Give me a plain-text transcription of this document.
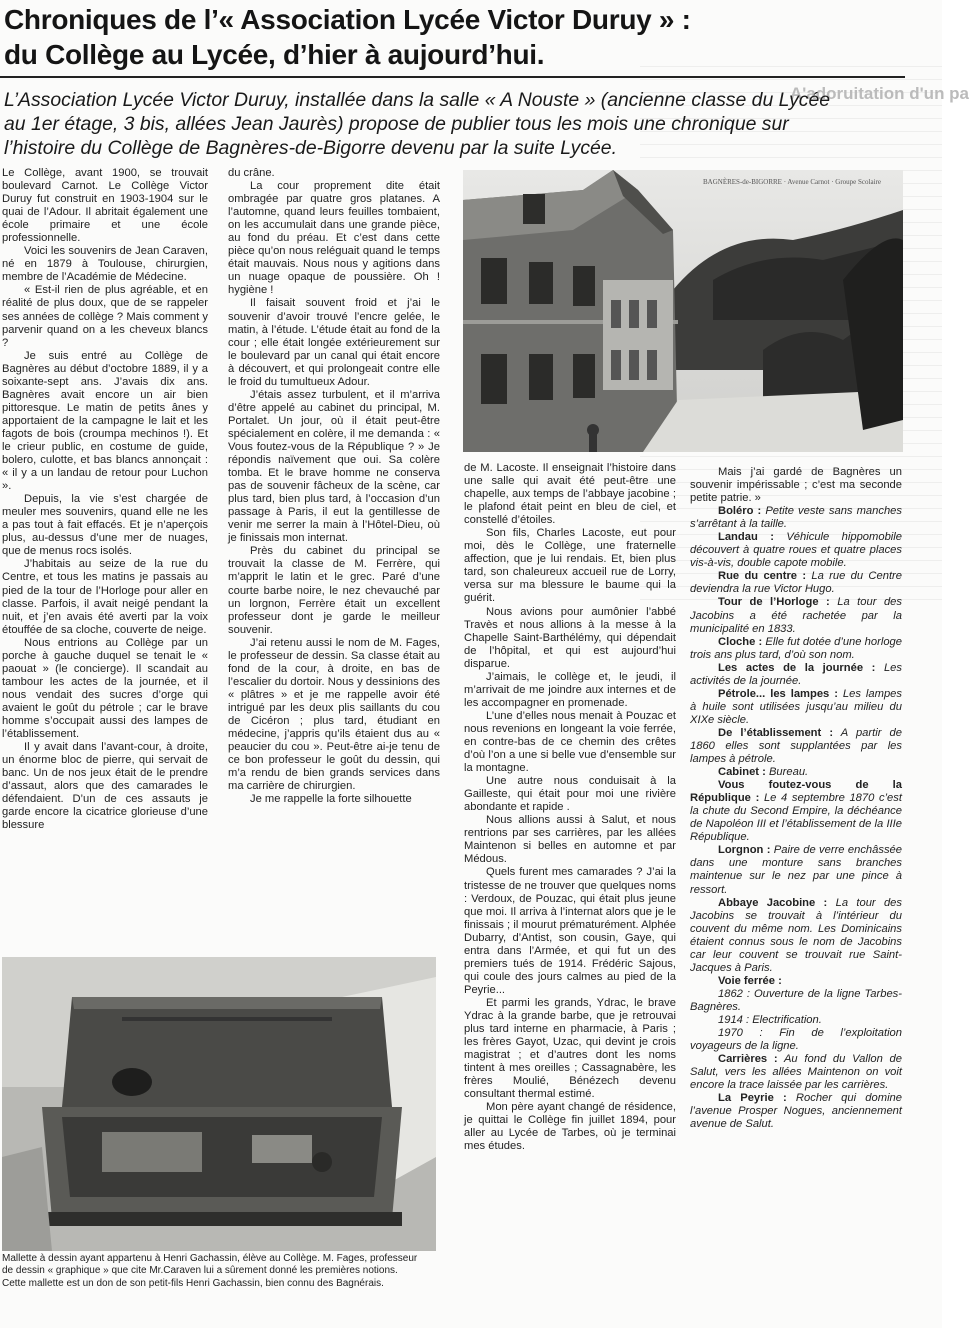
A'adoruitation d'un pa
Chroniques de l’« Association Lycée Victor Duruy » :
du Collège au Lycée, d’hier à aujourd’hui.

L’Association Lycée Victor Duruy, installée dans la salle « A Nouste » (ancienne classe du Lycée
au 1er étage, 3 bis, allées Jean Jaurès) propose de publier tous les mois une chronique sur
l’histoire du Collège de Bagnères-de-Bigorre devenu par la suite Lycée.

Le Collège, avant 1900, se trouvait boulevard Carnot. Le Collège Victor Duruy fut construit en 1903-1904 sur le quai de l’Adour. Il abritait également une école primaire et une école professionnelle.

Voici les souvenirs de Jean Caraven, né en 1879 à Toulouse, chirurgien, membre de l’Académie de Médecine.

« Est-il rien de plus agréable, et en réalité de plus doux, que de se rappeler ses années de collège ? Mais comment y parvenir quand on a les cheveux blancs ?

Je suis entré au Collège de Bagnères au début d’octobre 1889, il y a soixante-sept ans. J’avais dix ans. Bagnères avait encore un air bien pittoresque. Le matin de petits ânes y apportaient de la campagne le lait et les fagots de bois (croumpa mechinos !). Et le crieur public, en costume de guide, bolero, culotte, et bas blancs annonçait : « il y a un landau de retour pour Luchon ».

Depuis, la vie s’est chargée de meuler mes souvenirs, quand elle ne les a pas tout à fait effacés. Et je n’aperçois plus, au-dessus d’une mer de nuages, que de menus rocs isolés.

J’habitais au seize de la rue du Centre, et tous les matins je passais au pied de la tour de l’Horloge pour aller en classe. Parfois, il avait neigé pendant la nuit, et j’en avais été averti par la voix étouffée de sa cloche, couverte de neige.

Nous entrions au Collège par un porche à gauche duquel se tenait le « paouat » (le concierge). Il scandait au tambour les actes de la journée, et il nous vendait des sucres d’orge qui avaient le goût du pétrole ; car le brave homme s’occupait aussi des lampes de l’établissement.

Il y avait dans l’avant-cour, à droite, un énorme bloc de pierre, qui servait de banc. Un de nos jeux était de le prendre d’assaut, alors que des camarades le défendaient. D’un de ces assauts je garde encore la cicatrice glorieuse d’une blessure

du crâne.

La cour proprement dite était ombragée par quatre gros platanes. A l’automne, quand leurs feuilles tombaient, on les accumulait dans une grande pièce, au fond du préau. Et c’est dans cette pièce qu’on nous reléguait quand le temps était mauvais. Nous nous y agitions dans un nuage opaque de poussière. Oh ! hygiène !

Il faisait souvent froid et j’ai le souvenir d’avoir trouvé l’encre gelée, le matin, à l’étude. L’étude était au fond de la cour ; elle était longée extérieurement sur le boulevard par un canal qui était encore à découvert, et qui prolongeait contre elle le froid du tumultueux Adour.

J’étais assez turbulent, et il m’arriva d’être appelé au cabinet du principal, M. Portalet. Un jour, où il était peut-être spécialement en colère, il me demanda : « Vous foutez-vous de la République ? » Je répondis naïvement que oui. Sa colère tomba. Et le brave homme ne conserva pas de souvenir fâcheux de la scène, car plus tard, bien plus tard, à l’occasion d’un passage à Paris, il eut la gentillesse de venir me serrer la main à l’Hôtel-Dieu, où je finissais mon internat.

Près du cabinet du principal se trouvait la classe de M. Ferrère, qui m’apprit le latin et le grec. Paré d’une courte barbe noire, le nez chevauché par un lorgnon, Ferrère était un excellent professeur dont je garde le meilleur souvenir.

J’ai retenu aussi le nom de M. Fages, le professeur de dessin. Sa classe était au fond de la cour, à droite, en bas de l’escalier du dortoir. Nous y dessinions des « plâtres » et je me rappelle avoir été intrigué par les deux plis saillants du cou de Cicéron ; plus tard, étudiant en médecine, j’appris qu’ils étaient dus au « peaucier du cou ». Peut-être ai-je tenu de ce bon professeur le goût du dessin, qui m’a rendu de bien grands services dans ma carrière de chirurgien.

Je me rappelle la forte silhouette

BAGNÈRES-de-BIGORRE · Avenue Carnot · Groupe Scolaire

de M. Lacoste. Il enseignait l’histoire dans une salle qui avait été peut-être une chapelle, aux temps de l’abbaye jacobine ; le plafond était peint en bleu de ciel, et constellé d’étoiles.

Son fils, Charles Lacoste, eut pour moi, dès le Collège, une fraternelle affection, que je lui rendais. Et, bien plus tard, son chaleureux accueil rue de Lorry, versa sur ma blessure le baume qui la guérit.

Nous avions pour aumônier l’abbé Travès et nous allions à la messe à la Chapelle Saint-Barthélémy, qui dépendait de l’hôpital, et qui est aujourd’hui disparue.

J’aimais, le collège et, le jeudi, il m’arrivait de me joindre aux internes et de les accompagner en promenade.

L’une d’elles nous menait à Pouzac et nous revenions en longeant la voie ferrée, en contre-bas de ce chemin des crêtes d’où l’on a une si belle vue d’ensemble sur la montagne.

Une autre nous conduisait à la Gailleste, qui était pour moi une rivière abondante et rapide .

Nous allions aussi à Salut, et nous rentrions par ses carrières, par les allées Maintenon si belles en automne et par Médous.

Quels furent mes camarades ? J’ai la tristesse de ne trouver que quelques noms : Verdoux, de Pouzac, qui était plus jeune que moi. Il arriva à l’internat alors que je le finissais ; il mourut prématurément. Alphée Dubarry, d’Antist, son cousin, Gaye, qui entra dans l’Armée, et qui fut un des premiers tués de 1914. Frédéric Sajous, qui coule des jours calmes au pied de la Peyrie...

Et parmi les grands, Ydrac, le brave Ydrac à la grande barbe, que je retrouvai plus tard interne en pharmacie, à Paris ; les frères Gayot, Uzac, qui devint je crois magistrat ; et d’autres dont les noms tintent à mes oreilles ; Cassagnabère, les frères Moulié, Bénézech devenu consultant thermal estimé.

Mon père ayant changé de résidence, je quittai le Collège fin juillet 1894, pour aller au Lycée de Tarbes, où je terminai mes études.

Mais j’ai gardé de Bagnères un souvenir impérissable ; c’est ma seconde petite patrie. »

Boléro : Petite veste sans manches s’arrêtant à la taille.

Landau : Véhicule hippomobile découvert à quatre roues et quatre places vis-à-vis, double capote mobile.

Rue du centre : La rue du Centre deviendra la rue Victor Hugo.

Tour de l’Horloge : La tour des Jacobins a été rachetée par la municipalité en 1833.

Cloche : Elle fut dotée d’une horloge trois ans plus tard, d’où son nom.

Les actes de la journée : Les activités de la journée.

Pétrole... les lampes : Les lampes à huile sont utilisées jusqu’au milieu du XIXe siècle.

De l’établissement : A partir de 1860 elles sont supplantées par les lampes à pétrole.

Cabinet : Bureau.

Vous foutez-vous de la République : Le 4 septembre 1870 c’est la chute du Second Empire, la déchéance de Napoléon III et l’établissement de la IIIe République.

Lorgnon : Paire de verre enchâssée dans une monture sans branches maintenue sur le nez par une pince à ressort.

Abbaye Jacobine : La tour des Jacobins se trouvait à l’intérieur du couvent du même nom. Les Dominicains étaient connus sous le nom de Jacobins car leur couvent se trouvait rue Saint-Jacques à Paris.

Voie ferrée :

1862 : Ouverture de la ligne Tarbes-Bagnères.

1914 : Electrification.

1970 : Fin de l’exploitation voyageurs de la ligne.

Carrières : Au fond du Vallon de Salut, vers les allées Maintenon on voit encore la trace laissée par les carrières.

La Peyrie : Rocher qui domine l’avenue Prosper Nogues, anciennement avenue de Salut.

Mallette à dessin ayant appartenu à Henri Gachassin, élève au Collège. M. Fages, professeur
de dessin « graphique » que cite Mr.Caraven lui a sûrement donné les premières notions.
Cette mallette est un don de son petit-fils Henri Gachassin, bien connu des Bagnérais.
